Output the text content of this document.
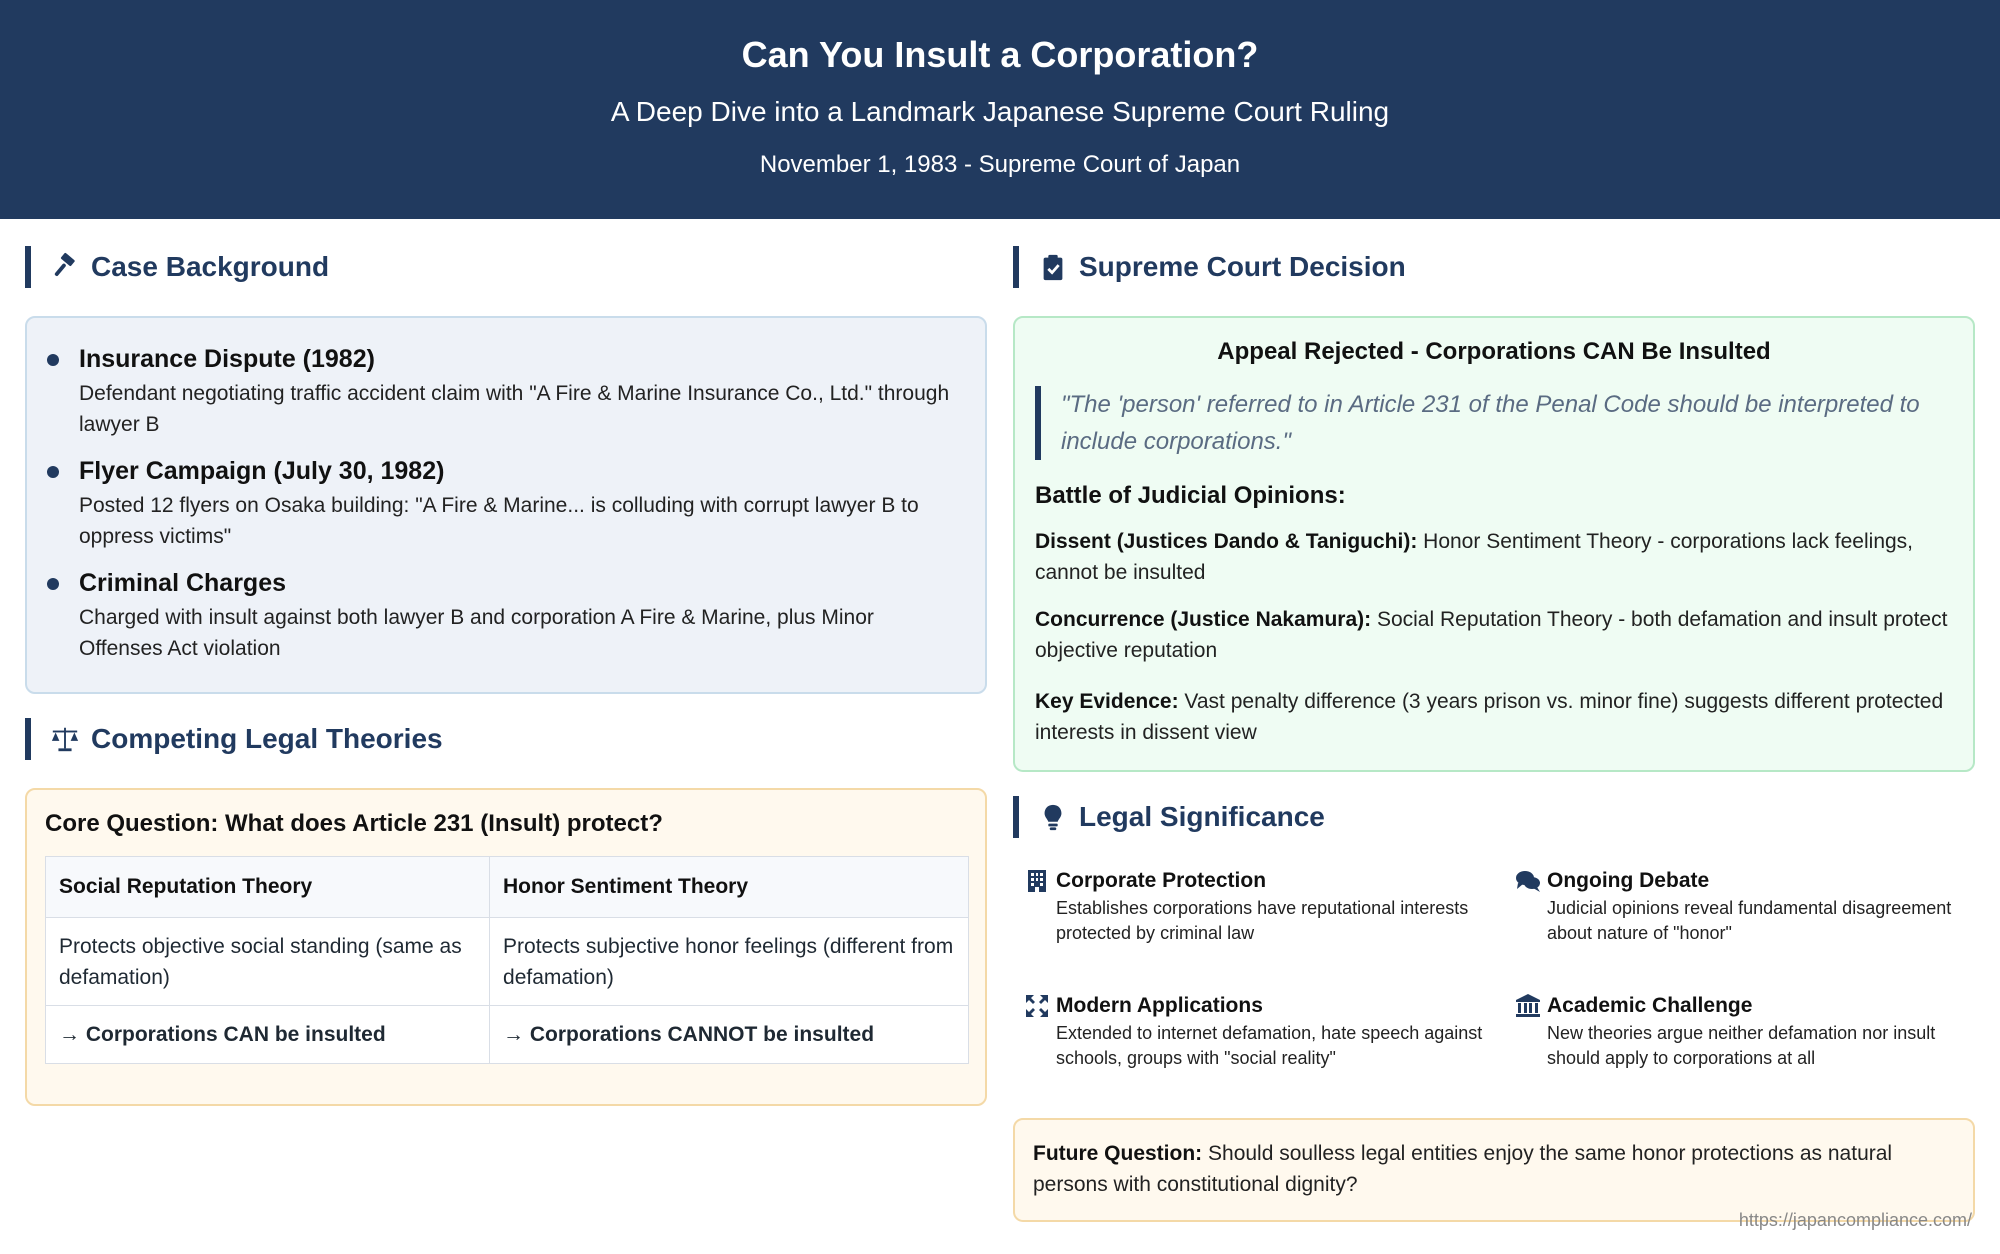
Can You Insult a Corporation?
A Deep Dive into a Landmark Japanese Supreme Court Ruling
November 1, 1983 - Supreme Court of Japan
Case Background
Insurance Dispute (1982)
Defendant negotiating traffic accident claim with "A Fire & Marine Insurance Co., Ltd." through lawyer B
Flyer Campaign (July 30, 1982)
Posted 12 flyers on Osaka building: "A Fire & Marine... is colluding with corrupt lawyer B to oppress victims"
Criminal Charges
Charged with insult against both lawyer B and corporation A Fire & Marine, plus Minor Offenses Act violation
Competing Legal Theories
Core Question: What does Article 231 (Insult) protect?
Social Reputation Theory	Honor Sentiment Theory
Protects objective social standing (same as defamation)	Protects subjective honor feelings (different from defamation)
→ Corporations CAN be insulted	→ Corporations CANNOT be insulted
Supreme Court Decision
Appeal Rejected - Corporations CAN Be Insulted
"The 'person' referred to in Article 231 of the Penal Code should be interpreted to include corporations."
Battle of Judicial Opinions:
Dissent (Justices Dando & Taniguchi): Honor Sentiment Theory - corporations lack feelings, cannot be insulted
Concurrence (Justice Nakamura): Social Reputation Theory - both defamation and insult protect objective reputation
Key Evidence: Vast penalty difference (3 years prison vs. minor fine) suggests different protected interests in dissent view
Legal Significance
Corporate Protection
Establishes corporations have reputational interests protected by criminal law
Ongoing Debate
Judicial opinions reveal fundamental disagreement about nature of "honor"
Modern Applications
Extended to internet defamation, hate speech against schools, groups with "social reality"
Academic Challenge
New theories argue neither defamation nor insult should apply to corporations at all
Future Question: Should soulless legal entities enjoy the same honor protections as natural persons with constitutional dignity?
https://japancompliance.com/
